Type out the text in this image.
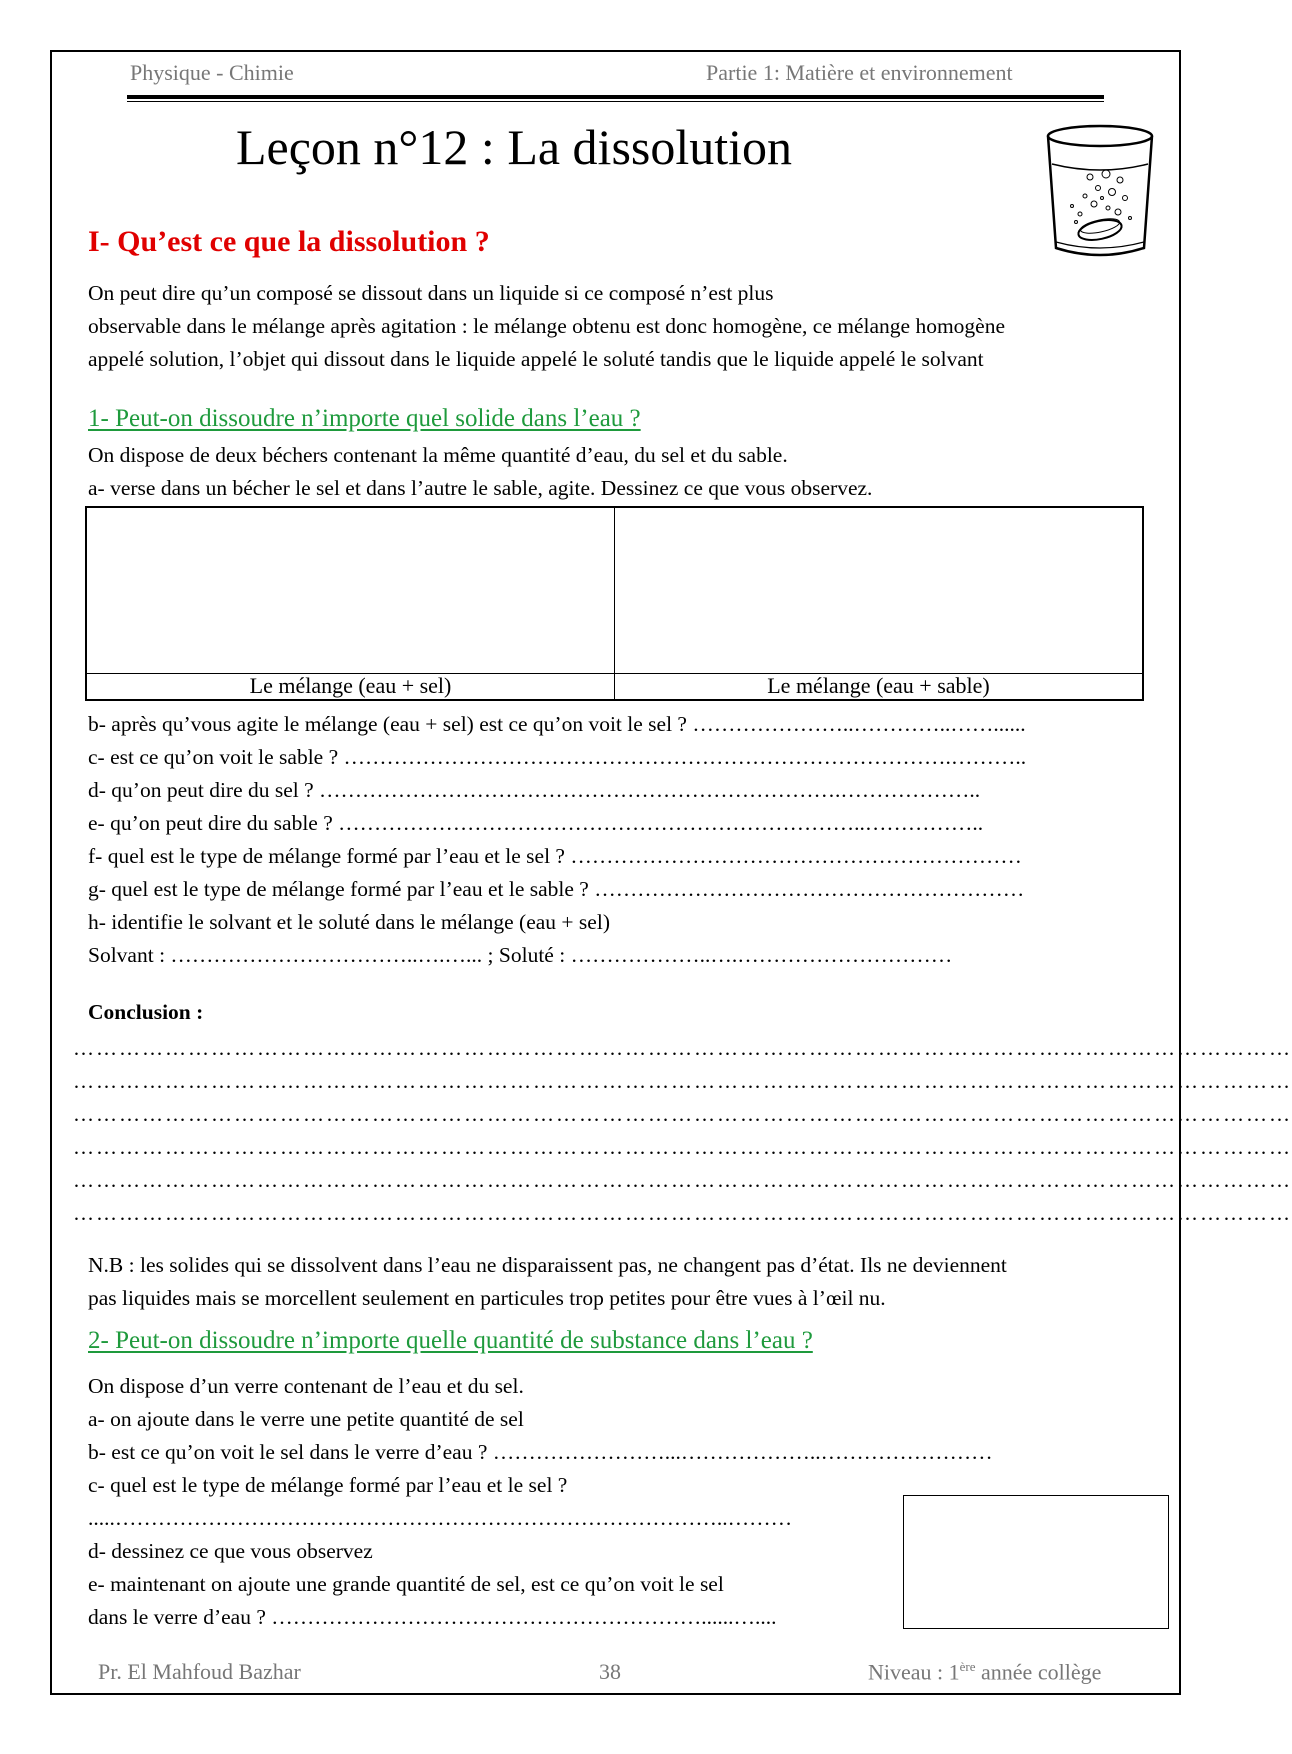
Physique - Chimie	Partie 1: Matière et environnement
Leçon n°12 : La dissolution
I- Qu’est ce que la dissolution ?
On peut dire qu’un composé se dissout dans un liquide si ce composé n’est plus
observable dans le mélange après agitation : le mélange obtenu est donc homogène, ce mélange homogène
appelé solution, l’objet qui dissout dans le liquide appelé le soluté tandis que le liquide appelé le solvant
1- Peut-on dissoudre n’importe quel solide dans l’eau ?
On dispose de deux béchers contenant la même quantité d’eau, du sel et du sable.
a- verse dans un bécher le sel et dans l’autre le sable, agite. Dessinez ce que vous observez.
Le mélange (eau + sel)	Le mélange (eau + sable)
b- après qu’vous agite le mélange (eau + sel) est ce qu’on voit le sel ? …………………..…………..……......
c- est ce qu’on voit le sable ? ………………………………………………………………………….………..
d- qu’on peut dire du sel ? ……………………………………………………………….………………..
e- qu’on peut dire du sable ? ………………………………………………………………..……………..
f- quel est le type de mélange formé par l’eau et le sel ? ………………………………………………………
g- quel est le type de mélange formé par l’eau et le sable ? ……………………………………………………
h- identifie le solvant et le soluté dans le mélange (eau + sel)
Solvant : ……………………………..….…... ; Soluté : ………………..….…………………………
Conclusion :
……………………………………………………………………………………………………………………………………………
……………………………………………………………………………………………………………………………………………
……………………………………………………………………………………………………………………………………………
……………………………………………………………………………………………………………………………………………
……………………………………………………………………………………………………………………………………………
……………………………………………………………………………………………………………………………………………
N.B : les solides qui se dissolvent dans l’eau ne disparaissent pas, ne changent pas d’état. Ils ne deviennent
pas liquides mais se morcellent seulement en particules trop petites pour être vues à l’œil nu.
2- Peut-on dissoudre n’importe quelle quantité de substance dans l’eau ?
On dispose d’un verre contenant de l’eau et du sel.
a- on ajoute dans le verre une petite quantité de sel
b- est ce qu’on voit le sel dans le verre d’eau ? ……………………...………………..……………………
c- quel est le type de mélange formé par l’eau et le sel ?
.....…………………………………………………………………………..………
d- dessinez ce que vous observez
e- maintenant on ajoute une grande quantité de sel, est ce qu’on voit le sel
dans le verre d’eau ? ……………………………………………………......…....
Pr. El Mahfoud Bazhar	38	Niveau : 1ère année collège
